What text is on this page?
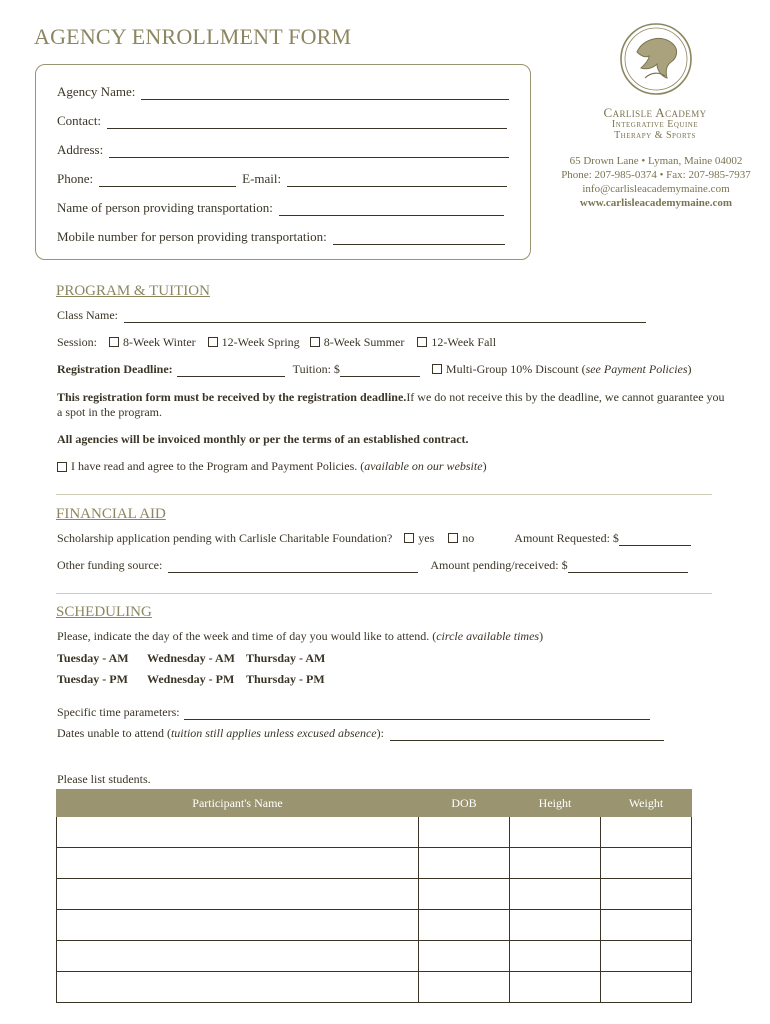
AGENCY ENROLLMENT FORM
Agency Name:
Contact:
Address:
Phone:	E-mail:
Name of person providing transportation:
Mobile number for person providing transportation:
Carlisle Academy
Integrative Equine
Therapy & Sports
65 Drown Lane • Lyman, Maine 04002
Phone: 207-985-0374 • Fax: 207-985-7937
info@carlisleacademymaine.com
www.carlisleacademymaine.com
PROGRAM & TUITION
Class Name:
Session:	8-Week Winter	12-Week Spring	8-Week Summer	12-Week Fall
Registration Deadline:	Tuition: $	Multi-Group 10% Discount (see Payment Policies)
This registration form must be received by the registration deadline. If we do not receive this by the deadline, we cannot guarantee you
a spot in the program.
All agencies will be invoiced monthly or per the terms of an established contract.
I have read and agree to the Program and Payment Policies. ( available on our website )
FINANCIAL AID
Scholarship application pending with Carlisle Charitable Foundation?	yes	no	Amount Requested: $
Other funding source:	Amount pending/received: $
SCHEDULING
Please, indicate the day of the week and time of day you would like to attend. ( circle available times )
Tuesday - AM	Wednesday - AM Thursday - AM
Tuesday - PM	Wednesday - PM Thursday - PM
Specific time parameters:
Dates unable to attend ( tuition still applies unless excused absence ):
Please list students.
Participant's Name	DOB	Height	Weight
